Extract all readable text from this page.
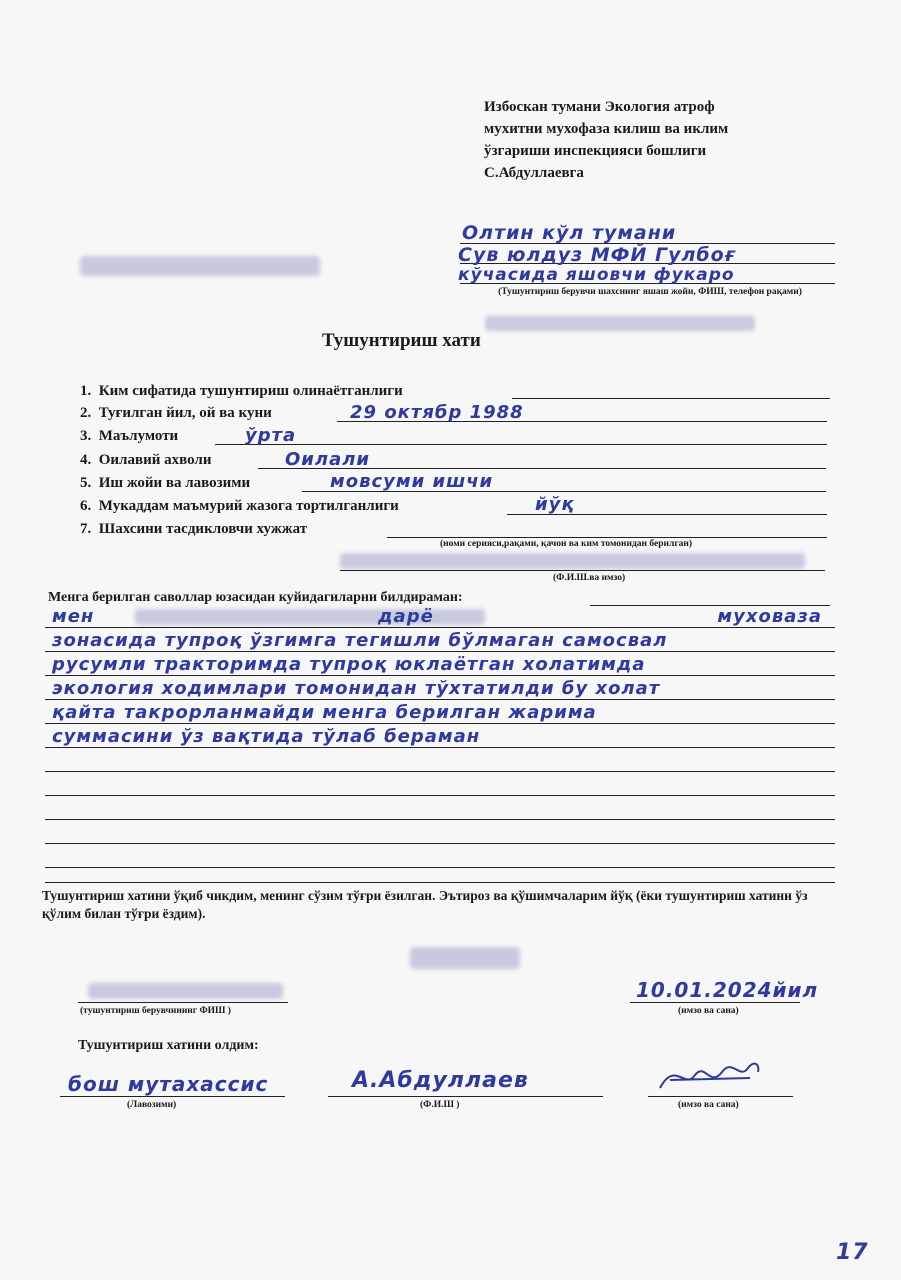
Избоскан тумани Экология атроф
мухитни мухофаза килиш ва иклим
ўзгариши инспекцияси бошлиги
С.Абдуллаевга
Олтин кўл тумани
Сув юлдуз МФЙ Гулбоғ
кўчасида яшовчи фукаро
(Тушунтириш берувчи шахснинг яшаш жойи, ФИШ, телефон рақами)
Тушунтириш хати
1. Ким сифатида тушунтириш олинаётганлиги
2. Туғилган йил, ой ва куни	29 октябр 1988
3. Маълумоти	ўрта
4. Оилавий ахволи	Оилали
5. Иш жойи ва лавозими	мовсуми ишчи
6. Мукаддам маъмурий жазога тортилганлиги	йўқ
7. Шахсини тасдикловчи хужжат
(номи серияси,рақами, қачон ва ким томонидан берилган)
(Ф.И.Ш.ва имзо)
Менга берилган саволлар юзасидан куйидагиларни билдираман:
мен дарё муховаза
зонасида тупроқ ўзгимга тегишли бўлмаган самосвал
русумли тракторимда тупроқ юклаётган холатимда
экология ходимлари томонидан тўхтатилди бу холат
қайта такрорланмайди менга берилган жарима
суммасини ўз вақтида тўлаб бераман
Тушунтириш хатини ўқиб чикдим, менинг сўзим тўғри ёзилган. Эътироз ва қўшимчаларим йўқ (ёки тушунтириш хатини ўз қўлим билан тўғри ёздим).
(тушунтириш берувчининг ФИШ )
10.01.2024йил
(имзо ва сана)
Тушунтириш хатини олдим:
бош мутахассис
(Лавозими)
А.Абдуллаев
(Ф.И.Ш )	(имзо ва сана)
17
